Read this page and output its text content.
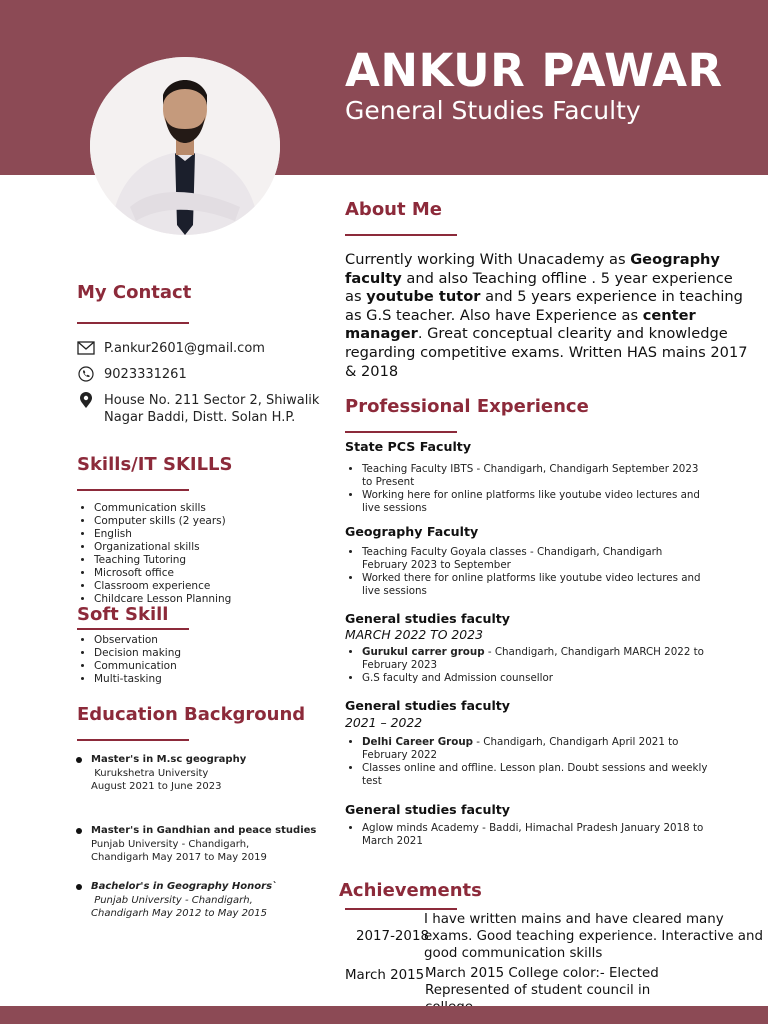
ANKUR PAWAR
General Studies Faculty
My Contact
P.ankur2601@gmail.com
9023331261
House No. 211 Sector 2, Shiwalik
Nagar Baddi, Distt. Solan H.P.
Skills/IT SKILLS
• Communication skills
• Computer skills (2 years)
• English
• Organizational skills
• Teaching Tutoring
• Microsoft office
• Classroom experience
• Childcare Lesson Planning
Soft Skill
• Observation
• Decision making
• Communication
• Multi-tasking
Education Background
Master's in M.sc geography
Kurukshetra University
August 2021 to June 2023
Master's in Gandhian and peace studies
Punjab University - Chandigarh,
Chandigarh May 2017 to May 2019
Bachelor's in Geography Honors`
Punjab University - Chandigarh,
Chandigarh May 2012 to May 2015
About Me
Currently working With Unacademy as Geography faculty and also Teaching offline . 5 year experience as youtube tutor and 5 years experience in teaching as G.S teacher. Also have Experience as center manager. Great conceptual clearity and knowledge regarding competitive exams. Written HAS mains 2017 & 2018
Professional Experience
State PCS Faculty
• Teaching Faculty IBTS - Chandigarh, Chandigarh September 2023 to Present
• Working here for online platforms like youtube video lectures and live sessions
Geography Faculty
• Teaching Faculty Goyala classes - Chandigarh, Chandigarh February 2023 to September
• Worked there for online platforms like youtube video lectures and live sessions
General studies faculty
MARCH 2022 TO 2023
• Gurukul carrer group - Chandigarh, Chandigarh MARCH 2022 to February 2023
• G.S faculty and Admission counsellor
General studies faculty
2021 – 2022
• Delhi Career Group - Chandigarh, Chandigarh April 2021 to February 2022
• Classes online and offline. Lesson plan. Doubt sessions and weekly test
General studies faculty
• Aglow minds Academy - Baddi, Himachal Pradesh January 2018 to March 2021
Achievements
2017-2018
I have written mains and have cleared many exams. Good teaching experience. Interactive and good communication skills
March 2015 March 2015 College color:- Elected Represented of student council in
